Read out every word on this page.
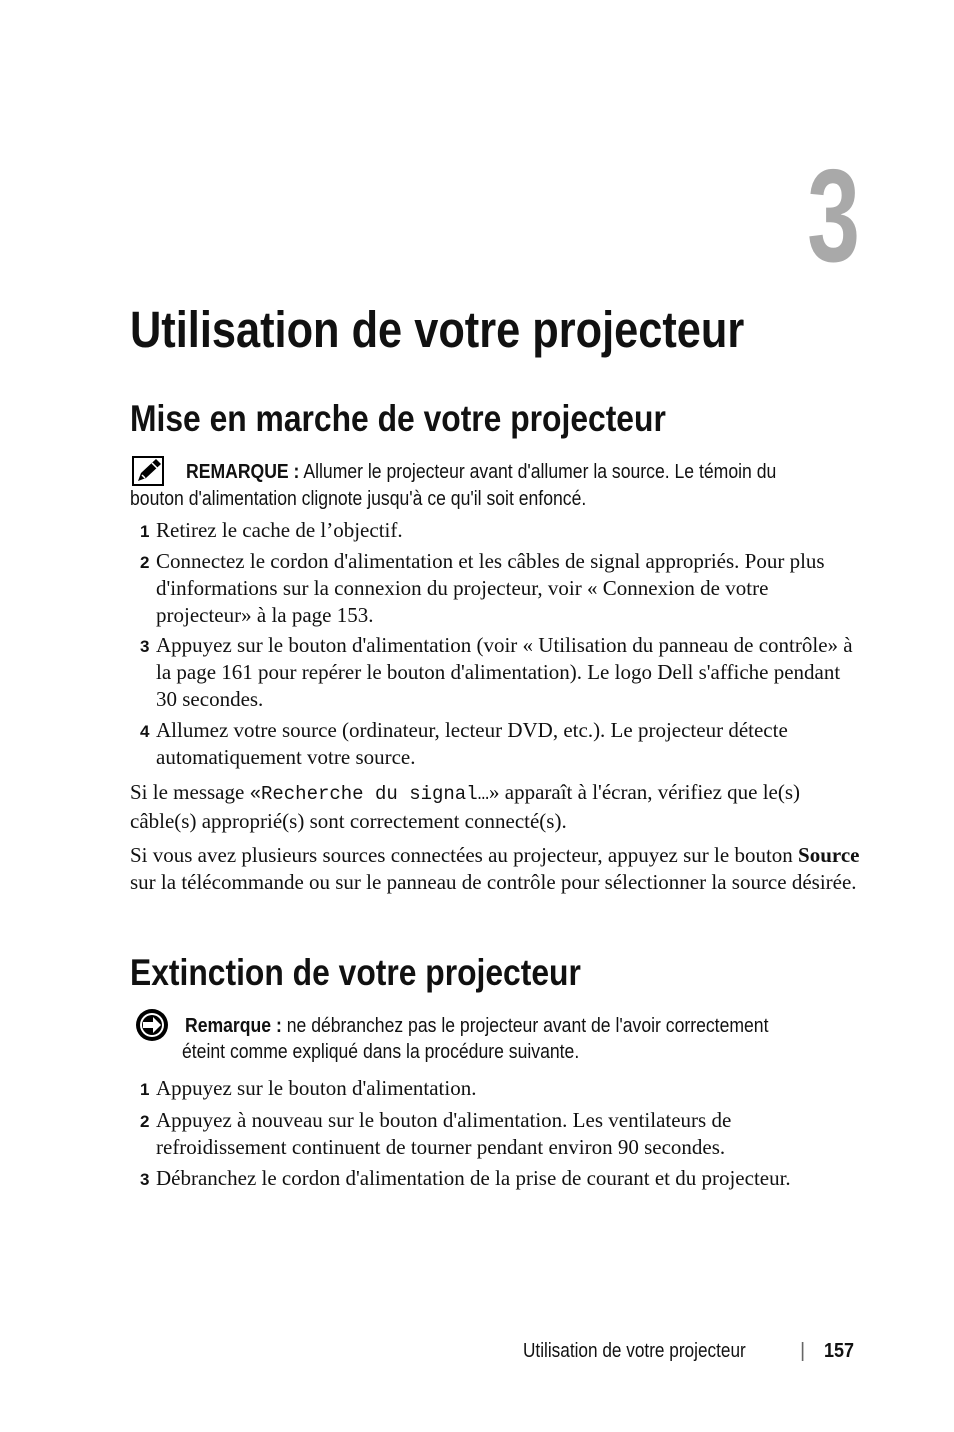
3
Utilisation de votre projecteur
Mise en marche de votre projecteur
REMARQUE : Allumer le projecteur avant d'allumer la source. Le témoin du
bouton d'alimentation clignote jusqu'à ce qu'il soit enfoncé.
1 Retirez le cache de l’objectif.
2 Connectez le cordon d'alimentation et les câbles de signal appropriés. Pour plus d'informations sur la connexion du projecteur, voir « Connexion de votre projecteur» à la page 153.
3 Appuyez sur le bouton d'alimentation (voir « Utilisation du panneau de contrôle» à la page 161 pour repérer le bouton d'alimentation). Le logo Dell s'affiche pendant 30 secondes.
4 Allumez votre source (ordinateur, lecteur DVD, etc.). Le projecteur détecte automatiquement votre source.
Si le message «Recherche du signal…» apparaît à l'écran, vérifiez que le(s) câble(s) approprié(s) sont correctement connecté(s).
Si vous avez plusieurs sources connectées au projecteur, appuyez sur le bouton Source sur la télécommande ou sur le panneau de contrôle pour sélectionner la source désirée.
Extinction de votre projecteur
Remarque : ne débranchez pas le projecteur avant de l'avoir correctement
éteint comme expliqué dans la procédure suivante.
1 Appuyez sur le bouton d'alimentation.
2 Appuyez à nouveau sur le bouton d'alimentation. Les ventilateurs de refroidissement continuent de tourner pendant environ 90 secondes.
3 Débranchez le cordon d'alimentation de la prise de courant et du projecteur.
Utilisation de votre projecteur	| 157
